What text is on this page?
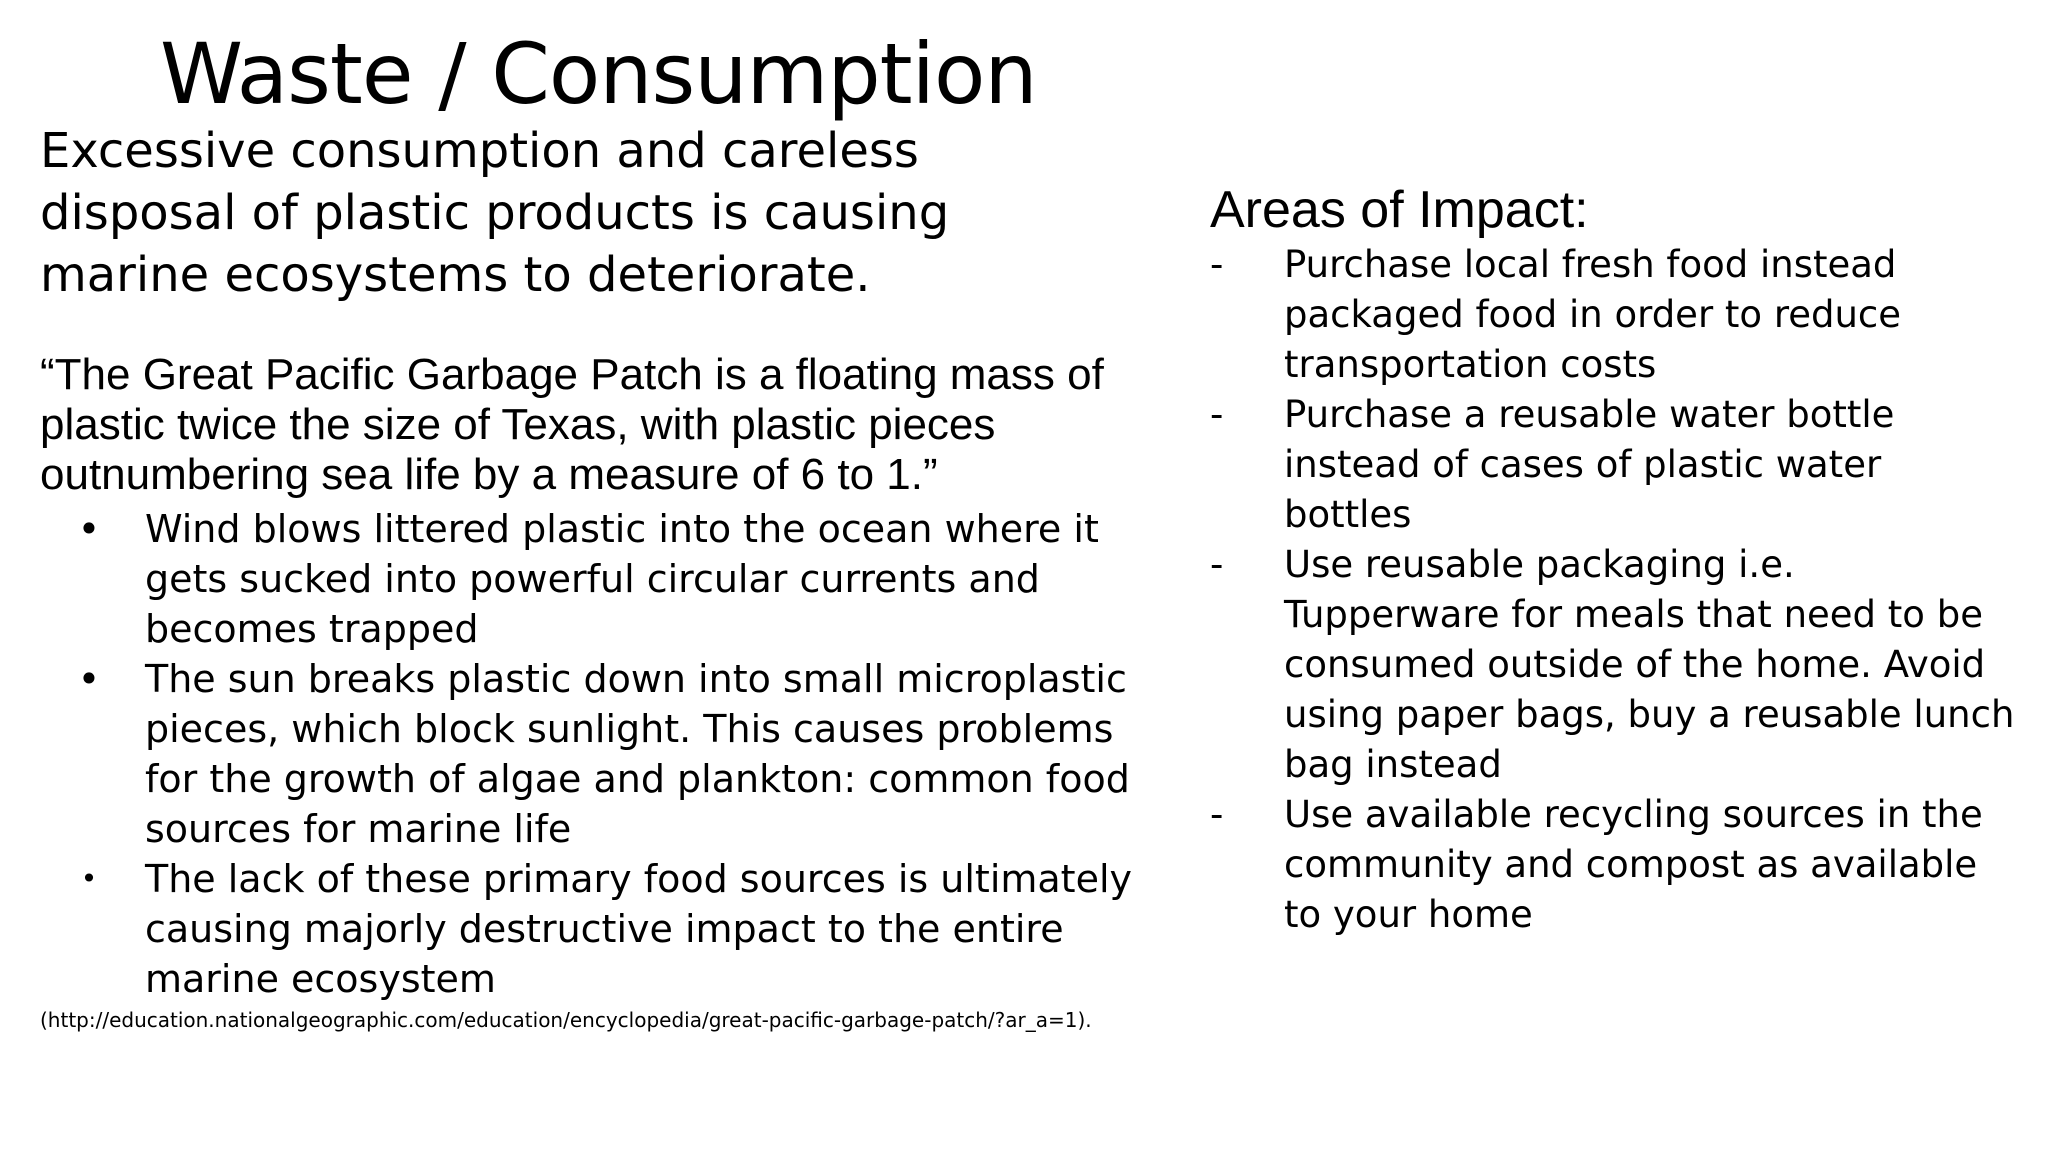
Waste / Consumption

Excessive consumption and careless disposal of plastic products is causing marine ecosystems to deteriorate.

“The Great Pacific Garbage Patch is a floating mass of plastic twice the size of Texas, with plastic pieces outnumbering sea life by a measure of 6 to 1.”

• Wind blows littered plastic into the ocean where it gets sucked into powerful circular currents and becomes trapped
• The sun breaks plastic down into small microplastic pieces, which block sunlight. This causes problems for the growth of algae and plankton: common food sources for marine life
• The lack of these primary food sources is ultimately causing majorly destructive impact to the entire marine ecosystem

(http://education.nationalgeographic.com/education/encyclopedia/great-pacific-garbage-patch/?ar_a=1).

Areas of Impact:
- Purchase local fresh food instead packaged food in order to reduce transportation costs
- Purchase a reusable water bottle instead of cases of plastic water bottles
- Use reusable packaging i.e. Tupperware for meals that need to be consumed outside of the home. Avoid using paper bags, buy a reusable lunch bag instead
- Use available recycling sources in the community and compost as available to your home
